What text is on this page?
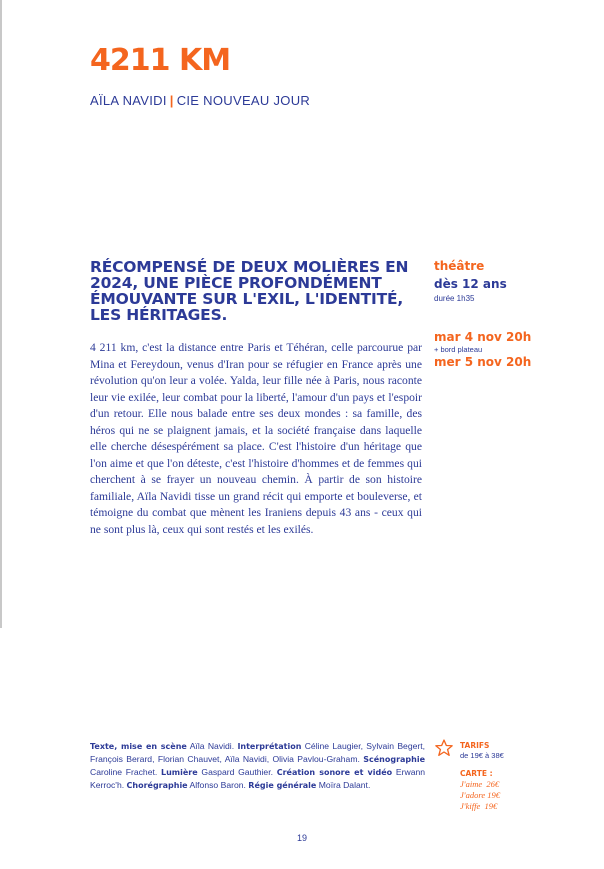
4211 KM
AÏLA NAVIDI | CIE NOUVEAU JOUR
RÉCOMPENSÉ DE DEUX MOLIÈRES EN 2024, UNE PIÈCE PROFONDÉMENT ÉMOUVANTE SUR L'EXIL, L'IDENTITÉ, LES HÉRITAGES.

4 211 km, c'est la distance entre Paris et Téhéran, celle parcourue par Mina et Fereydoun, venus d'Iran pour se réfugier en France après une révolution qu'on leur a volée. Yalda, leur fille née à Paris, nous raconte leur vie exilée, leur combat pour la liberté, l'amour d'un pays et l'espoir d'un retour. Elle nous balade entre ses deux mondes : sa famille, des héros qui ne se plaignent jamais, et la société française dans laquelle elle cherche désespérément sa place. C'est l'histoire d'un héritage que l'on aime et que l'on déteste, c'est l'histoire d'hommes et de femmes qui cherchent à se frayer un nouveau chemin. À partir de son histoire familiale, Aïla Navidi tisse un grand récit qui emporte et bouleverse, et témoigne du combat que mènent les Iraniens depuis 43 ans - ceux qui ne sont plus là, ceux qui sont restés et les exilés.

théâtre
dès 12 ans
durée 1h35
mar 4 nov 20h
+ bord plateau
mer 5 nov 20h

Texte, mise en scène Aïla Navidi. Interprétation Céline Laugier, Sylvain Begert, François Berard, Florian Chauvet, Aïla Navidi, Olivia Pavlou-Graham. Scénographie Caroline Frachet. Lumière Gaspard Gauthier. Création sonore et vidéo Erwann Kerroc'h. Chorégraphie Alfonso Baron. Régie générale Moïra Dalant.

TARIFS
de 19€ à 38€
CARTE :
J'aime 26€
J'adore 19€
J'kiffe 19€
19
